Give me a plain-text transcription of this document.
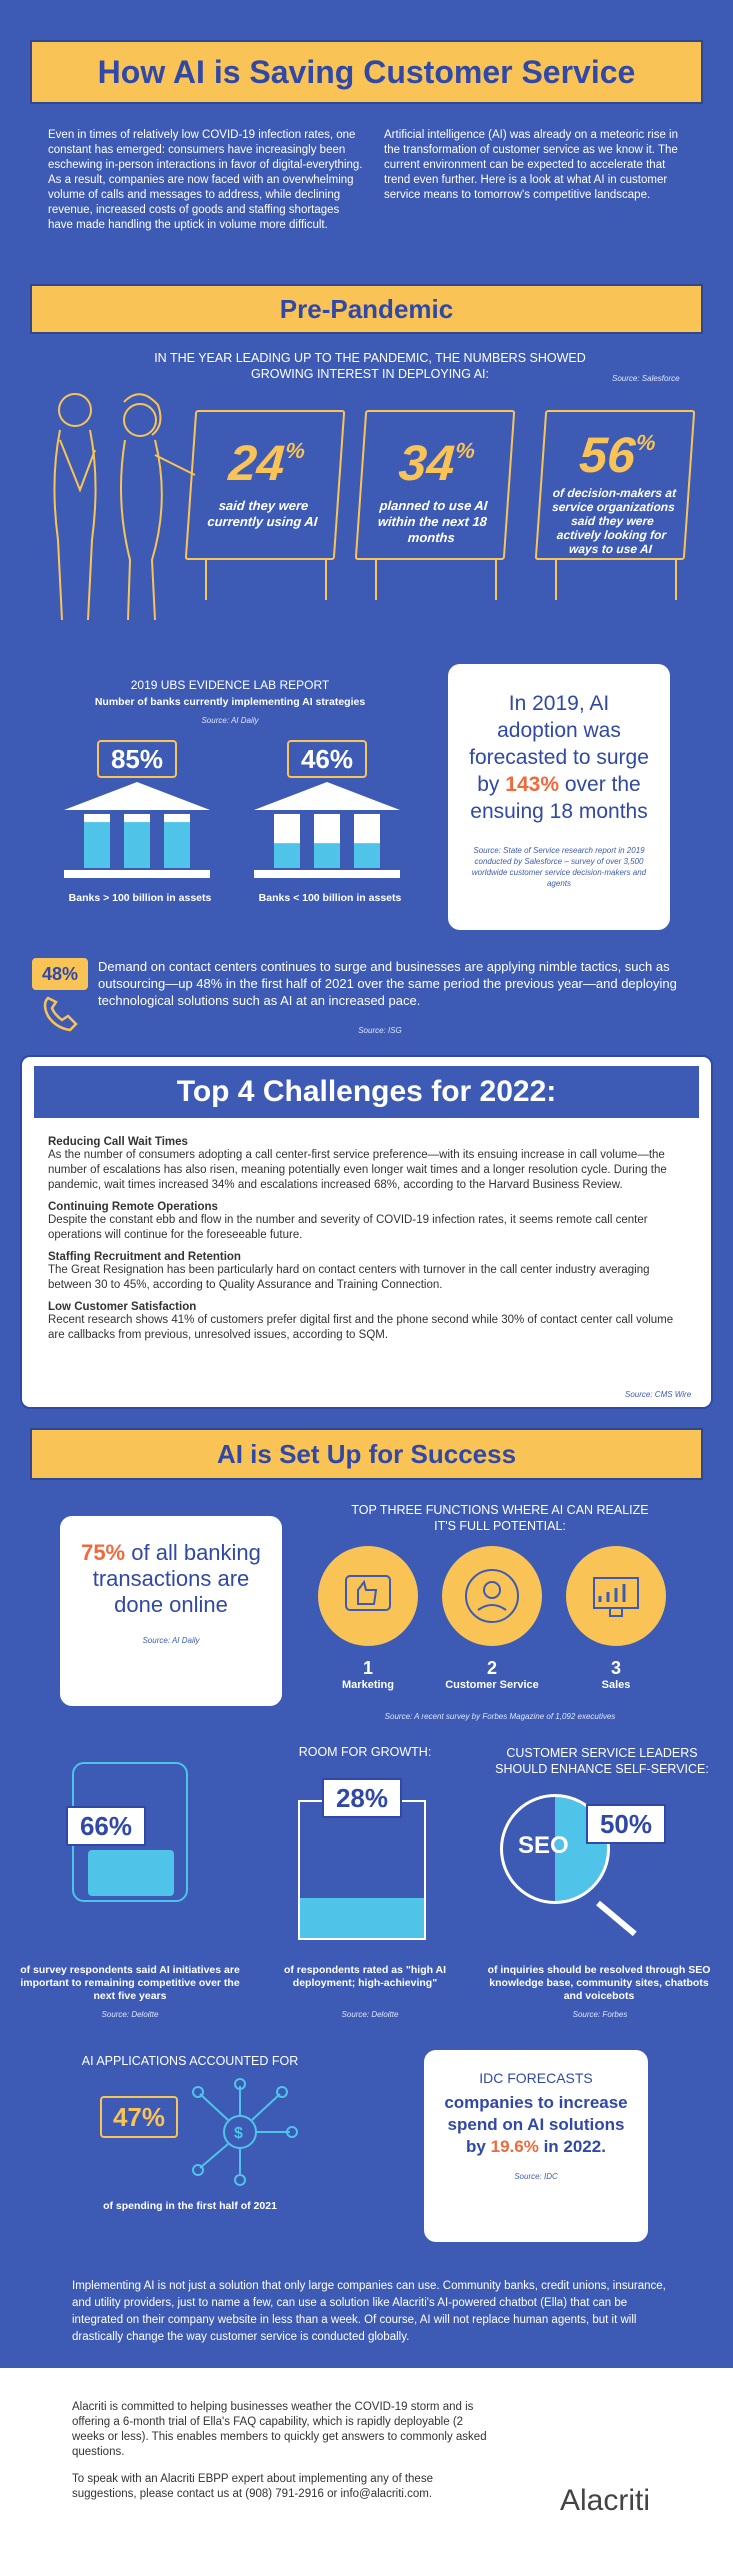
How AI is Saving Customer Service

Even in times of relatively low COVID-19 infection rates, one constant has emerged: consumers have increasingly been eschewing in-person interactions in favor of digital-everything. As a result, companies are now faced with an overwhelming volume of calls and messages to address, while declining revenue, increased costs of goods and staffing shortages have made handling the uptick in volume more difficult.

Artificial intelligence (AI) was already on a meteoric rise in the transformation of customer service as we know it. The current environment can be expected to accelerate that trend even further. Here is a look at what AI in customer service means to tomorrow's competitive landscape.

Pre-Pandemic

IN THE YEAR LEADING UP TO THE PANDEMIC, THE NUMBERS SHOWED GROWING INTEREST IN DEPLOYING AI:	Source: Salesforce

24%
said they were currently using AI
34%
planned to use AI within the next 18 months
56%
of decision-makers at service organizations said they were actively looking for ways to use AI

2019 UBS EVIDENCE LAB REPORT

Number of banks currently implementing AI strategies

Source: AI Daily

85%

Banks > 100 billion in assets

46%

Banks < 100 billion in assets

In 2019, AI adoption was forecasted to surge by 143% over the ensuing 18 months

Source: State of Service research report in 2019 conducted by Salesforce – survey of over 3,500 worldwide customer service decision-makers and agents

48%	Demand on contact centers continues to surge and businesses are applying nimble tactics, such as outsourcing—up 48% in the first half of 2021 over the same period the previous year—and deploying technological solutions such as AI at an increased pace.

Source: ISG

Top 4 Challenges for 2022:
Reducing Call Wait Times

As the number of consumers adopting a call center-first service preference—with its ensuing increase in call volume—the number of escalations has also risen, meaning potentially even longer wait times and a longer resolution cycle. During the pandemic, wait times increased 34% and escalations increased 68%, according to the Harvard Business Review.

Continuing Remote Operations

Despite the constant ebb and flow in the number and severity of COVID-19 infection rates, it seems remote call center operations will continue for the foreseeable future.

Staffing Recruitment and Retention

The Great Resignation has been particularly hard on contact centers with turnover in the call center industry averaging between 30 to 45%, according to Quality Assurance and Training Connection.

Low Customer Satisfaction

Recent research shows 41% of customers prefer digital first and the phone second while 30% of contact center call volume are callbacks from previous, unresolved issues, according to SQM.

Source: CMS Wire

AI is Set Up for Success

75% of all banking transactions are done online

Source: AI Daily

TOP THREE FUNCTIONS WHERE AI CAN REALIZE IT'S FULL POTENTIAL:

1
Marketing
2
Customer Service
3
Sales

Source: A recent survey by Forbes Magazine of 1,092 executives

66%

of survey respondents said AI initiatives are important to remaining competitive over the next five years

Source: Deloitte

ROOM FOR GROWTH:

28%

of respondents rated as "high AI deployment; high-achieving"

Source: Deloitte

CUSTOMER SERVICE LEADERS SHOULD ENHANCE SELF-SERVICE:

SEO
50%

of inquiries should be resolved through SEO knowledge base, community sites, chatbots and voicebots

Source: Forbes

AI APPLICATIONS ACCOUNTED FOR

47%
$

of spending in the first half of 2021

IDC FORECASTS

companies to increase spend on AI solutions by 19.6% in 2022.

Source: IDC

Implementing AI is not just a solution that only large companies can use. Community banks, credit unions, insurance, and utility providers, just to name a few, can use a solution like Alacriti's AI-powered chatbot (Ella) that can be integrated on their company website in less than a week. Of course, AI will not replace human agents, but it will drastically change the way customer service is conducted globally.

Alacriti is committed to helping businesses weather the COVID-19 storm and is offering a 6-month trial of Ella's FAQ capability, which is rapidly deployable (2 weeks or less). This enables members to quickly get answers to commonly asked questions.

To speak with an Alacriti EBPP expert about implementing any of these suggestions, please contact us at (908) 791-2916 or info@alacriti.com.	Alacriti
